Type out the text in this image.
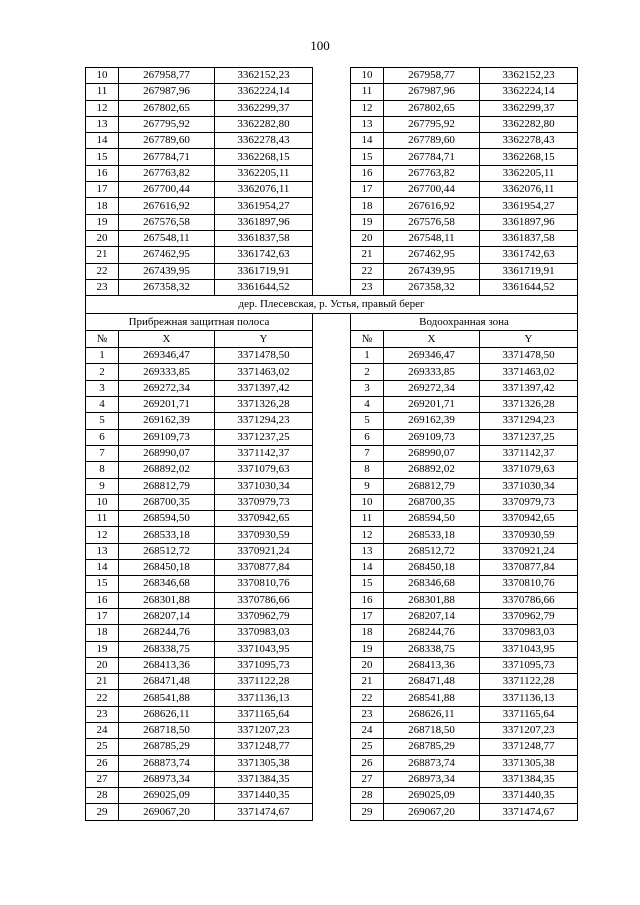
100
10	267958,77	3362152,23		10	267958,77	3362152,23
11	267987,96	3362224,14		11	267987,96	3362224,14
12	267802,65	3362299,37		12	267802,65	3362299,37
13	267795,92	3362282,80		13	267795,92	3362282,80
14	267789,60	3362278,43		14	267789,60	3362278,43
15	267784,71	3362268,15		15	267784,71	3362268,15
16	267763,82	3362205,11		16	267763,82	3362205,11
17	267700,44	3362076,11		17	267700,44	3362076,11
18	267616,92	3361954,27		18	267616,92	3361954,27
19	267576,58	3361897,96		19	267576,58	3361897,96
20	267548,11	3361837,58		20	267548,11	3361837,58
21	267462,95	3361742,63		21	267462,95	3361742,63
22	267439,95	3361719,91		22	267439,95	3361719,91
23	267358,32	3361644,52		23	267358,32	3361644,52
дер. Плесевская, р. Устья, правый берег						
Прибрежная защитная полоса				Водоохранная зона		
№	X	Y		№	X	Y
1	269346,47	3371478,50		1	269346,47	3371478,50
2	269333,85	3371463,02		2	269333,85	3371463,02
3	269272,34	3371397,42		3	269272,34	3371397,42
4	269201,71	3371326,28		4	269201,71	3371326,28
5	269162,39	3371294,23		5	269162,39	3371294,23
6	269109,73	3371237,25		6	269109,73	3371237,25
7	268990,07	3371142,37		7	268990,07	3371142,37
8	268892,02	3371079,63		8	268892,02	3371079,63
9	268812,79	3371030,34		9	268812,79	3371030,34
10	268700,35	3370979,73		10	268700,35	3370979,73
11	268594,50	3370942,65		11	268594,50	3370942,65
12	268533,18	3370930,59		12	268533,18	3370930,59
13	268512,72	3370921,24		13	268512,72	3370921,24
14	268450,18	3370877,84		14	268450,18	3370877,84
15	268346,68	3370810,76		15	268346,68	3370810,76
16	268301,88	3370786,66		16	268301,88	3370786,66
17	268207,14	3370962,79		17	268207,14	3370962,79
18	268244,76	3370983,03		18	268244,76	3370983,03
19	268338,75	3371043,95		19	268338,75	3371043,95
20	268413,36	3371095,73		20	268413,36	3371095,73
21	268471,48	3371122,28		21	268471,48	3371122,28
22	268541,88	3371136,13		22	268541,88	3371136,13
23	268626,11	3371165,64		23	268626,11	3371165,64
24	268718,50	3371207,23		24	268718,50	3371207,23
25	268785,29	3371248,77		25	268785,29	3371248,77
26	268873,74	3371305,38		26	268873,74	3371305,38
27	268973,34	3371384,35		27	268973,34	3371384,35
28	269025,09	3371440,35		28	269025,09	3371440,35
29	269067,20	3371474,67		29	269067,20	3371474,67
